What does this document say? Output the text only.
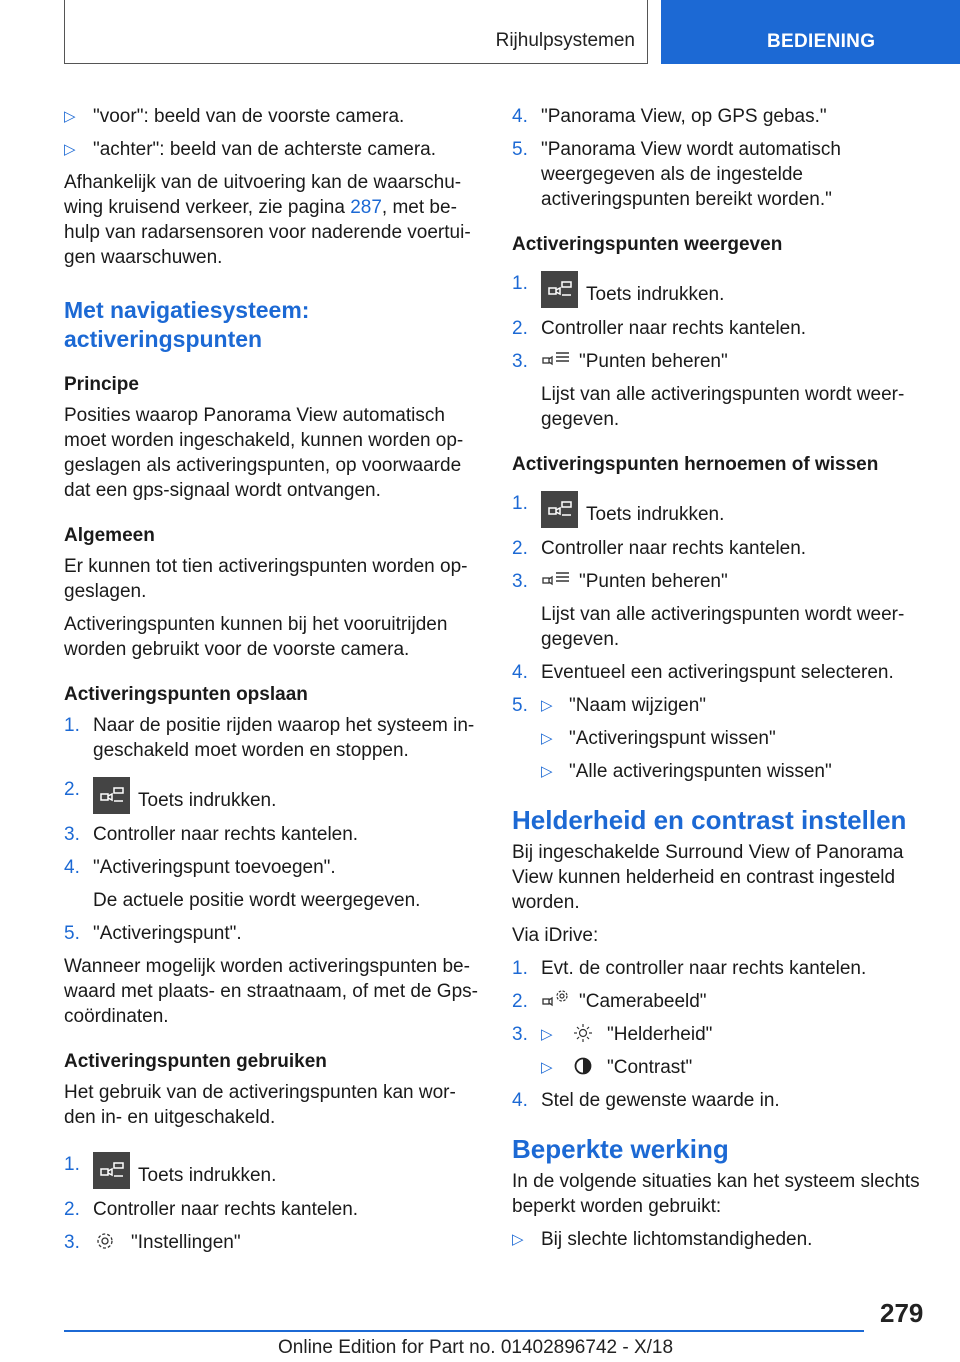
Rijhulpsystemen	BEDIENING
▷ "voor": beeld van de voorste camera.
▷ "achter": beeld van de achterste camera.

Afhankelijk van de uitvoering kan de waarschu-wing kruisend verkeer, zie pagina 287, met be-hulp van radarsensoren voor naderende voertui-gen waarschuwen.

Met navigatiesysteem: activeringspunten
Principe

Posities waarop Panorama View automatisch moet worden ingeschakeld, kunnen worden op-geslagen als activeringspunten, op voorwaarde dat een gps-signaal wordt ontvangen.

Algemeen

Er kunnen tot tien activeringspunten worden op-geslagen.

Activeringspunten kunnen bij het vooruitrijden worden gebruikt voor de voorste camera.

Activeringspunten opslaan
1. Naar de positie rijden waarop het systeem in-geschakeld moet worden en stoppen.
2.
Toets indrukken.
3. Controller naar rechts kantelen.
4. "Activeringspunt toevoegen".
De actuele positie wordt weergegeven.
5. "Activeringspunt".

Wanneer mogelijk worden activeringspunten be-waard met plaats- en straatnaam, of met de Gps-coördinaten.

Activeringspunten gebruiken

Het gebruik van de activeringspunten kan wor-den in- en uitgeschakeld.

1.
Toets indrukken.
2. Controller naar rechts kantelen.
3.	"Instellingen"
4. "Panorama View, op GPS gebas."
5. "Panorama View wordt automatisch weergegeven als de ingestelde activeringspunten bereikt worden."
Activeringspunten weergeven
1.
Toets indrukken.
2. Controller naar rechts kantelen.
3.	"Punten beheren"
Lijst van alle activeringspunten wordt weer-gegeven.
Activeringspunten hernoemen of wissen
1.
Toets indrukken.
2. Controller naar rechts kantelen.
3.	"Punten beheren"
Lijst van alle activeringspunten wordt weer-gegeven.
4. Eventueel een activeringspunt selecteren.
5. ▷ "Naam wijzigen"
▷ "Activeringspunt wissen"
▷ "Alle activeringspunten wissen"
Helderheid en contrast instellen

Bij ingeschakelde Surround View of Panorama View kunnen helderheid en contrast ingesteld worden.

Via iDrive:

1. Evt. de controller naar rechts kantelen.
2.	"Camerabeeld"
3. ▷	"Helderheid"
▷	"Contrast"
4. Stel de gewenste waarde in.
Beperkte werking

In de volgende situaties kan het systeem slechts beperkt worden gebruikt:

▷ Bij slechte lichtomstandigheden.
279
Online Edition for Part no. 01402896742 - X/18
